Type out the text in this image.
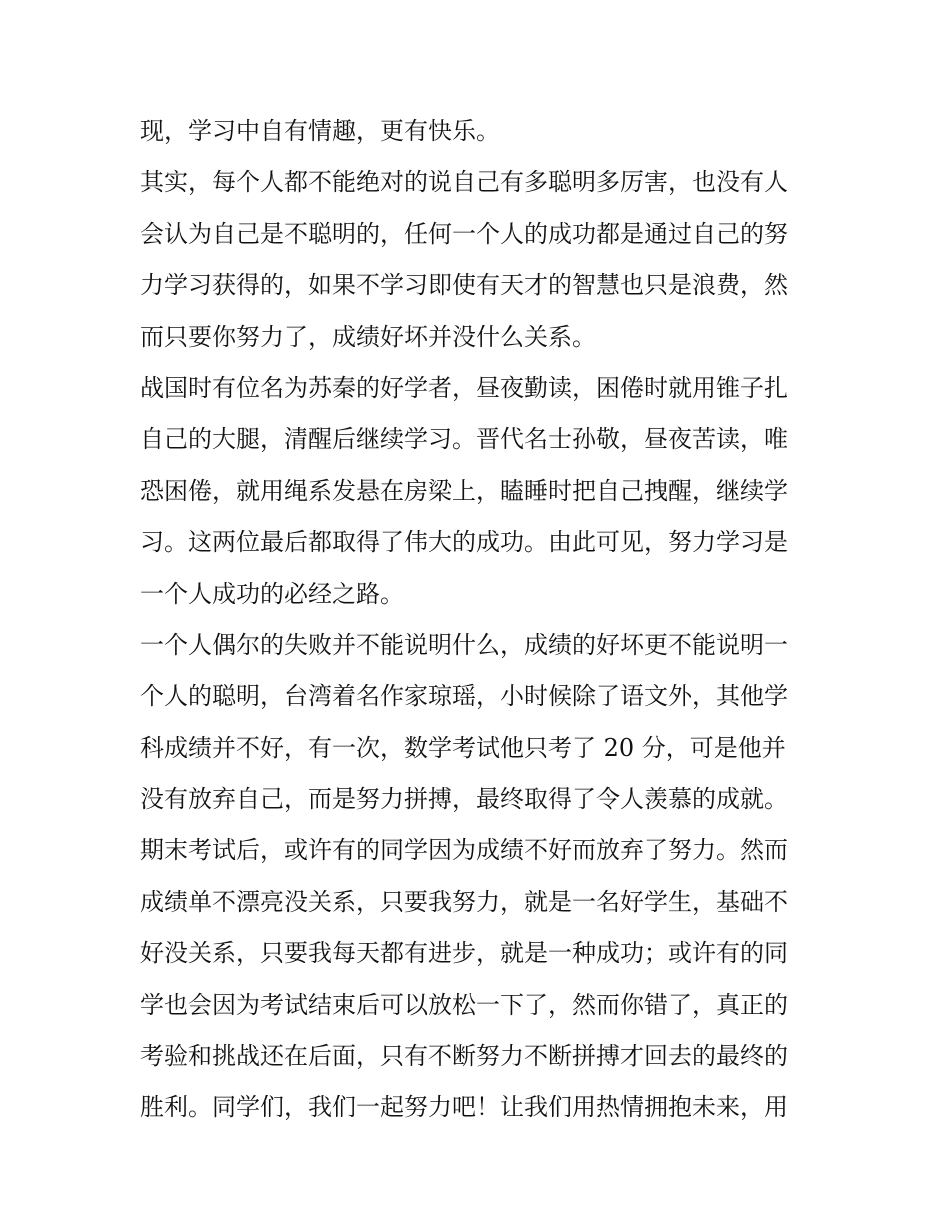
现，学习中自有情趣，更有快乐。
其实，每个人都不能绝对的说自己有多聪明多厉害，也没有人
会认为自己是不聪明的，任何一个人的成功都是通过自己的努
力学习获得的，如果不学习即使有天才的智慧也只是浪费，然
而只要你努力了，成绩好坏并没什么关系。
战国时有位名为苏秦的好学者，昼夜勤读，困倦时就用锥子扎
自己的大腿，清醒后继续学习。晋代名士孙敬，昼夜苦读，唯
恐困倦，就用绳系发悬在房梁上，瞌睡时把自己拽醒，继续学
习。这两位最后都取得了伟大的成功。由此可见，努力学习是
一个人成功的必经之路。
一个人偶尔的失败并不能说明什么，成绩的好坏更不能说明一
个人的聪明，台湾着名作家琼瑶，小时候除了语文外，其他学
科成绩并不好，有一次，数学考试他只考了 20 分，可是他并
没有放弃自己，而是努力拼搏，最终取得了令人羡慕的成就。
期末考试后，或许有的同学因为成绩不好而放弃了努力。然而
成绩单不漂亮没关系，只要我努力，就是一名好学生，基础不
好没关系，只要我每天都有进步，就是一种成功；或许有的同
学也会因为考试结束后可以放松一下了，然而你错了，真正的
考验和挑战还在后面，只有不断努力不断拼搏才回去的最终的
胜利。同学们，我们一起努力吧！让我们用热情拥抱未来，用
